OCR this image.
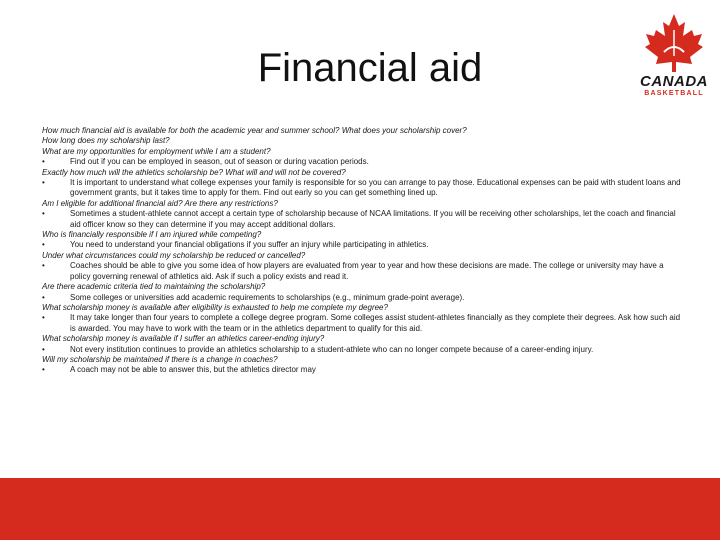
Financial aid	CANADA
BASKETBALL
How much financial aid is available for both the academic year and summer school? What does your scholarship cover?
How long does my scholarship last?
What are my opportunities for employment while I am a student?
•	Find out if you can be employed in season, out of season or during vacation periods.
Exactly how much will the athletics scholarship be? What will and will not be covered?
•	It is important to understand what college expenses your family is responsible for so you can arrange to pay those. Educational expenses can be paid with student loans and government grants, but it takes time to apply for them. Find out early so you can get something lined up.
Am I eligible for additional financial aid? Are there any restrictions?
•	Sometimes a student-athlete cannot accept a certain type of scholarship because of NCAA limitations. If you will be receiving other scholarships, let the coach and financial aid officer know so they can determine if you may accept additional dollars.
Who is financially responsible if I am injured while competing?
•	You need to understand your financial obligations if you suffer an injury while participating in athletics.
Under what circumstances could my scholarship be reduced or cancelled?
•	Coaches should be able to give you some idea of how players are evaluated from year to year and how these decisions are made. The college or university may have a policy governing renewal of athletics aid. Ask if such a policy exists and read it.
Are there academic criteria tied to maintaining the scholarship?
•	Some colleges or universities add academic requirements to scholarships (e.g., minimum grade-point average).
What scholarship money is available after eligibility is exhausted to help me complete my degree?
•	It may take longer than four years to complete a college degree program. Some colleges assist student-athletes financially as they complete their degrees. Ask how such aid is awarded. You may have to work with the team or in the athletics department to qualify for this aid.
What scholarship money is available if I suffer an athletics career-ending injury?
•	Not every institution continues to provide an athletics scholarship to a student-athlete who can no longer compete because of a career-ending injury.
Will my scholarship be maintained if there is a change in coaches?
•	A coach may not be able to answer this, but the athletics director may
